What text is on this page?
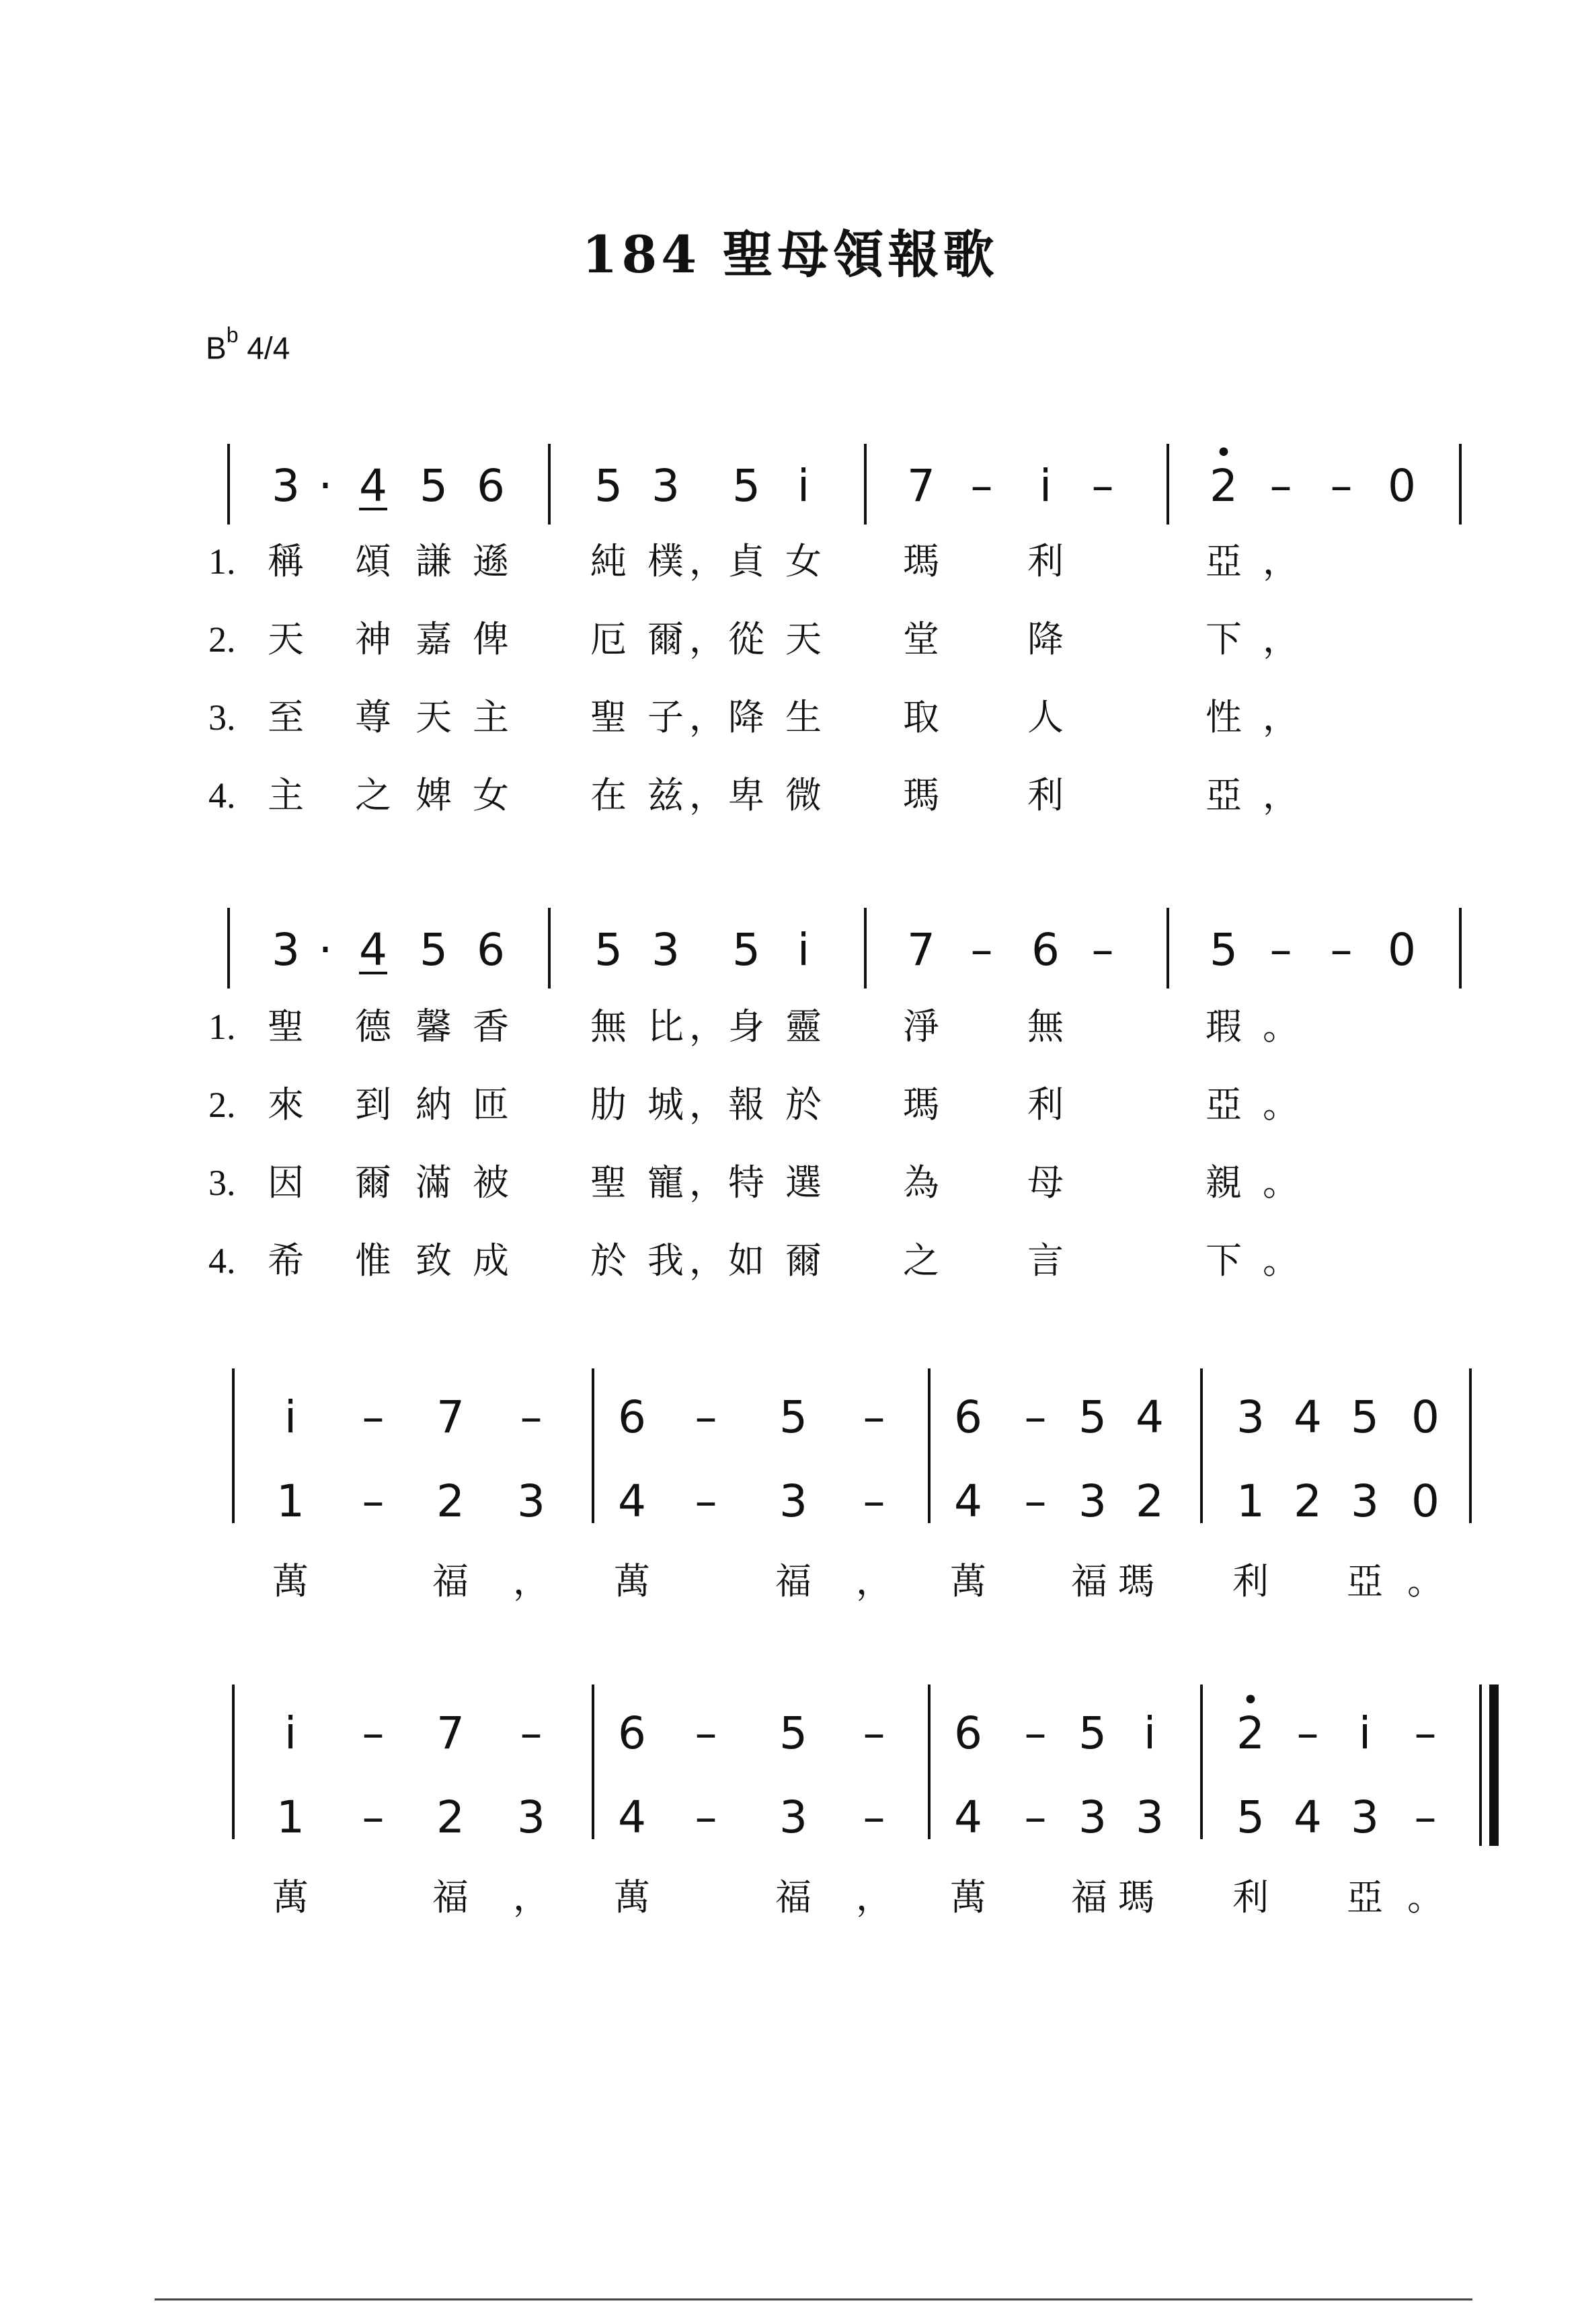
184 聖母領報歌
$B^b$ 4/4
3 · 4 5 6 5 3 5 i 7 – i – • 2 – – 0
1. 稱 頌 謙 遜 純 樸 ， 貞 女 瑪 利	亞 ，
2. 天 神 嘉 俾 厄 爾 ， 從 天 堂 降	下 ，
3. 至 尊 天 主 聖 子 ， 降 生 取 人	性 ，
4. 主 之 婢 女 在 兹 ， 卑 微 瑪 利	亞 ，
3 · 4 5 6 5 3 5 i 7 – 6 – 5 – – 0
1. 聖 德 馨 香 無 比 ， 身 靈 淨 無	瑕 。
2. 來 到 納 匝 肋 城 ， 報 於 瑪 利	亞 。
3. 因 爾 滿 被 聖 寵 ， 特 選 為 母	親 。
4. 希 惟 致 成 於 我 ， 如 爾 之 言	下 。
i – 7 – 6 – 5 – 6 – 5 4 3 4 5 0
1 – 2 3 4 – 3 – 4 – 3 2 1 2 3 0
萬	福 ， 萬	福 ， 萬 福 瑪 利 亞 。
i – 7 – 6 – 5 – 6 – 5 i • 2 – i –
1 – 2 3 4 – 3 – 4 – 3 3 5 4 3 –
萬	福 ， 萬	福 ， 萬 福 瑪 利 亞 。
